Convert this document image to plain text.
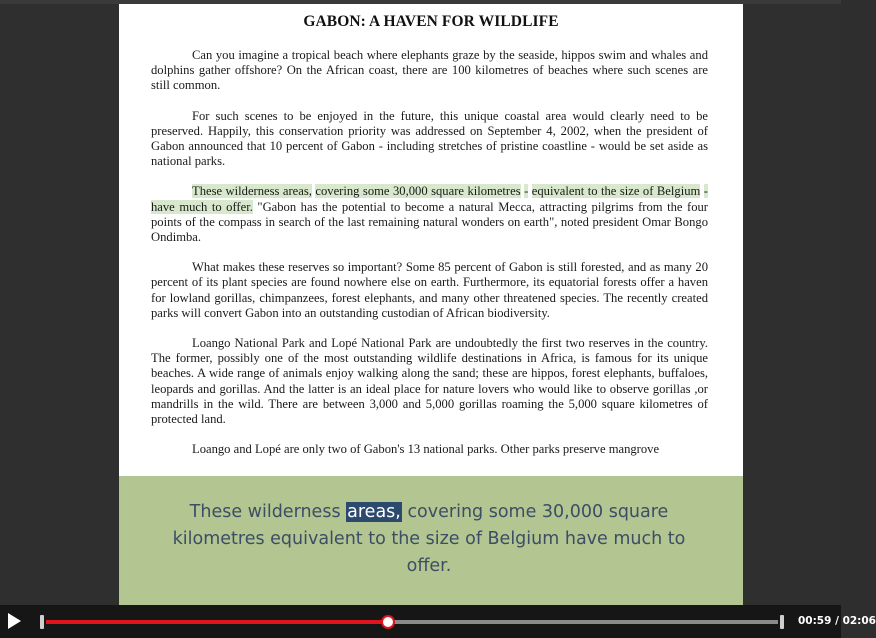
GABON: A HAVEN FOR WILDLIFE

Can you imagine a tropical beach where elephants graze by the seaside, hippos swim and whales and dolphins gather offshore? On the African coast, there are 100 kilometres of beaches where such scenes are still common.

For such scenes to be enjoyed in the future, this unique coastal area would clearly need to be preserved. Happily, this conservation priority was addressed on September 4, 2002, when the president of Gabon announced that 10 percent of Gabon - including stretches of pristine coastline - would be set aside as national parks.

These wilderness areas, covering some 30,000 square kilometres - equivalent to the size of Belgium - have much to offer. "Gabon has the potential to become a natural Mecca, attracting pilgrims from the four points of the compass in search of the last remaining natural wonders on earth", noted president Omar Bongo Ondimba.

What makes these reserves so important? Some 85 percent of Gabon is still forested, and as many 20 percent of its plant species are found nowhere else on earth. Furthermore, its equatorial forests offer a haven for lowland gorillas, chimpanzees, forest elephants, and many other threatened species. The recently created parks will convert Gabon into an outstanding custodian of African biodiversity.

Loango National Park and Lopé National Park are undoubtedly the first two reserves in the country. The former, possibly one of the most outstanding wildlife destinations in Africa, is famous for its unique beaches. A wide range of animals enjoy walking along the sand; these are hippos, forest elephants, buffaloes, leopards and gorillas. And the latter is an ideal place for nature lovers who would like to observe gorillas ,or mandrills in the wild. There are between 3,000 and 5,000 gorillas roaming the 5,000 square kilometres of protected land.

Loango and Lopé are only two of Gabon's 13 national parks. Other parks preserve mangrove

These wilderness areas, covering some 30,000 square kilometres equivalent to the size of Belgium have much to offer.
00:59 / 02:06
